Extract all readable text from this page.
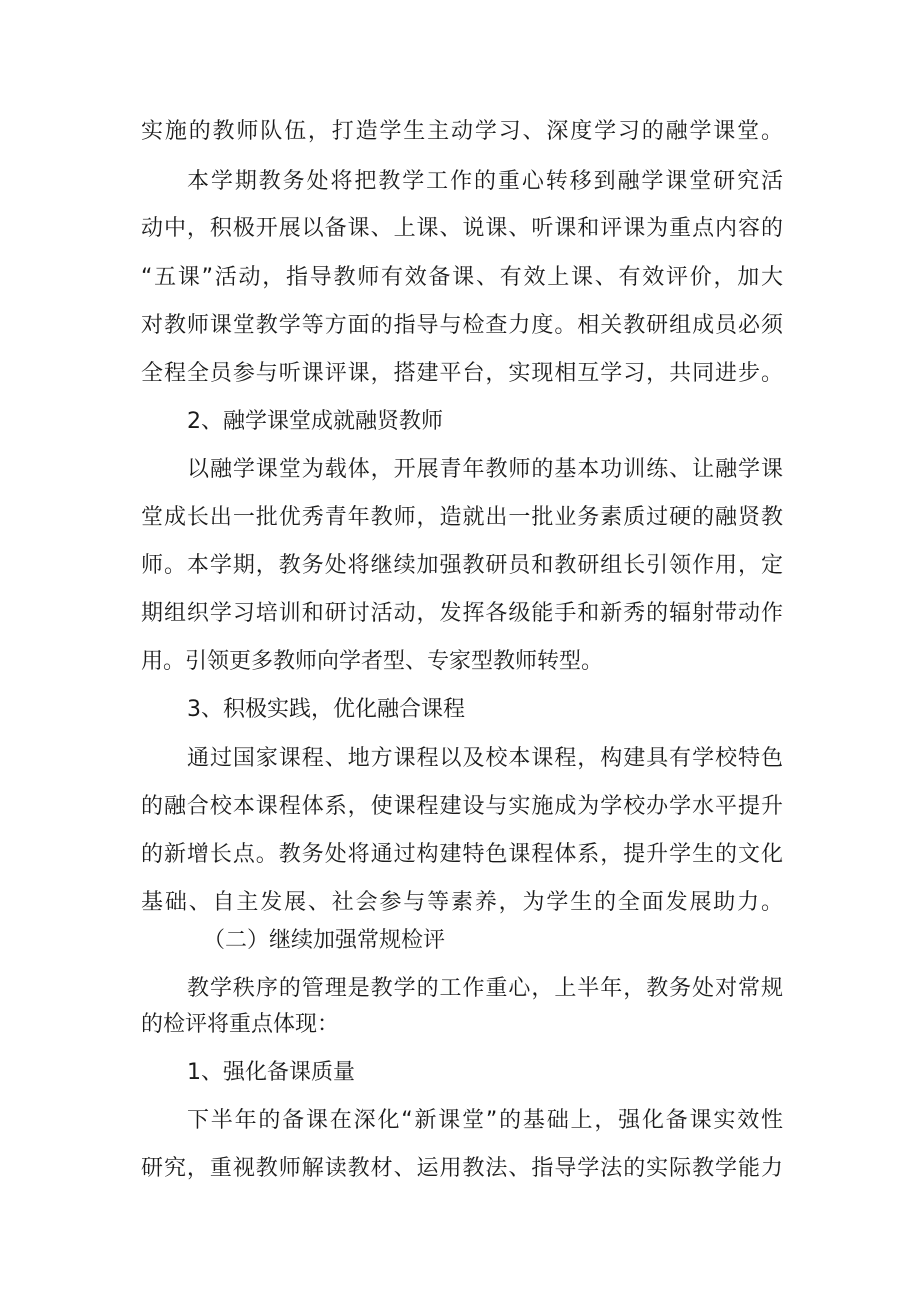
实施的教师队伍，打造学生主动学习、深度学习的融学课堂。
本学期教务处将把教学工作的重心转移到融学课堂研究活
动中，积极开展以备课、上课、说课、听课和评课为重点内容的
“五课”活动，指导教师有效备课、有效上课、有效评价，加大
对教师课堂教学等方面的指导与检查力度。相关教研组成员必须
全程全员参与听课评课，搭建平台，实现相互学习，共同进步。
2、融学课堂成就融贤教师
以融学课堂为载体，开展青年教师的基本功训练、让融学课
堂成长出一批优秀青年教师，造就出一批业务素质过硬的融贤教
师。本学期，教务处将继续加强教研员和教研组长引领作用，定
期组织学习培训和研讨活动，发挥各级能手和新秀的辐射带动作
用。引领更多教师向学者型、专家型教师转型。
3、积极实践，优化融合课程
通过国家课程、地方课程以及校本课程，构建具有学校特色
的融合校本课程体系，使课程建设与实施成为学校办学水平提升
的新增长点。教务处将通过构建特色课程体系，提升学生的文化
基础、自主发展、社会参与等素养，为学生的全面发展助力。
（二）继续加强常规检评
教学秩序的管理是教学的工作重心，上半年，教务处对常规
的检评将重点体现：
1、强化备课质量
下半年的备课在深化“新课堂”的基础上，强化备课实效性
研究，重视教师解读教材、运用教法、指导学法的实际教学能力
